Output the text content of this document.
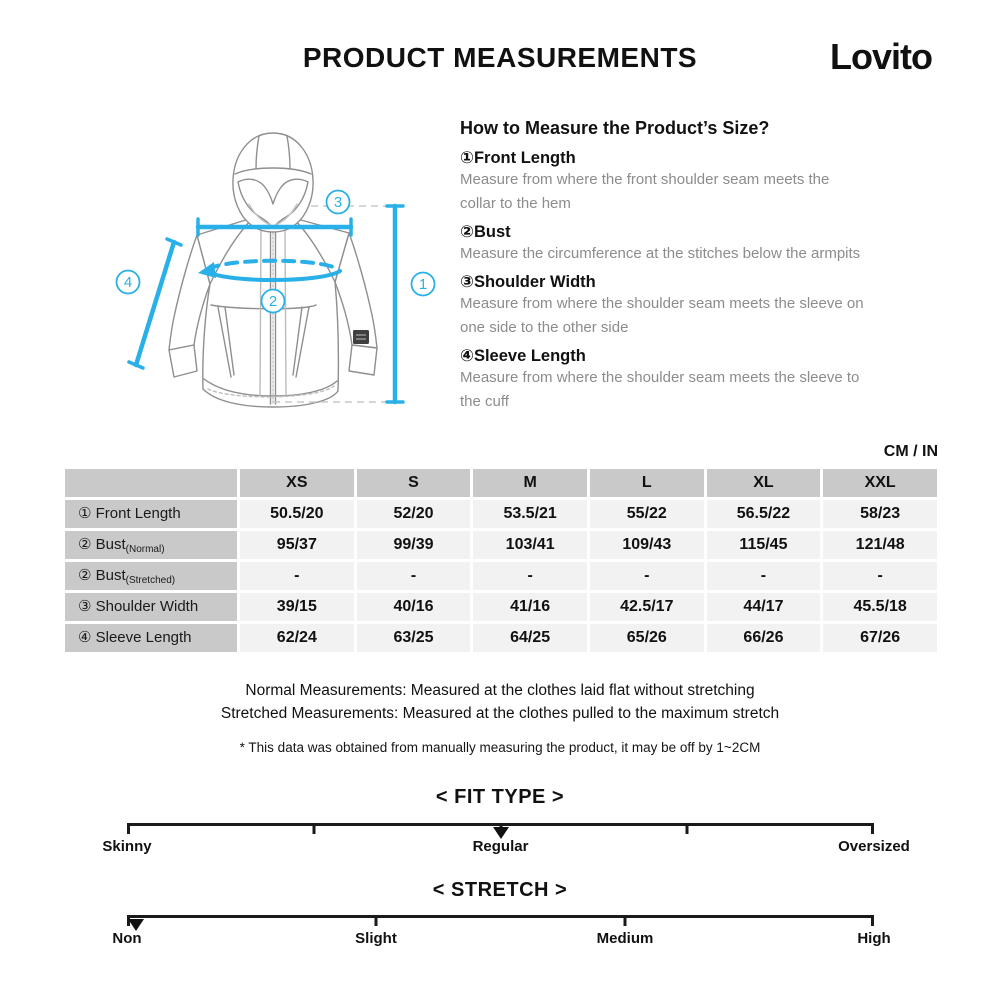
PRODUCT MEASUREMENTS	Lovito
1
2
3
4
How to Measure the Product’s Size?
①Front Length
Measure from where the front shoulder seam meets the collar to the hem
②Bust
Measure the circumference at the stitches below the armpits
③Shoulder Width
Measure from where the shoulder seam meets the sleeve on one side to the other side
④Sleeve Length
Measure from where the shoulder seam meets the sleeve to the cuff
CM / IN
	XS	S	M	L	XL	XXL
① Front Length	50.5/20	52/20	53.5/21	55/22	56.5/22	58/23
② Bust$_{(Normal)}$	95/37	99/39	103/41	109/43	115/45	121/48
② Bust$_{(Stretched)}$	-	-	-	-	-	-
③ Shoulder Width	39/15	40/16	41/16	42.5/17	44/17	45.5/18
④ Sleeve Length	62/24	63/25	64/25	65/26	66/26	67/26
Normal Measurements: Measured at the clothes laid flat without stretching
Stretched Measurements: Measured at the clothes pulled to the maximum stretch
* This data was obtained from manually measuring the product, it may be off by 1~2CM
< FIT TYPE >
Skinny	Regular	Oversized
< STRETCH >
Non	Slight	Medium	High
